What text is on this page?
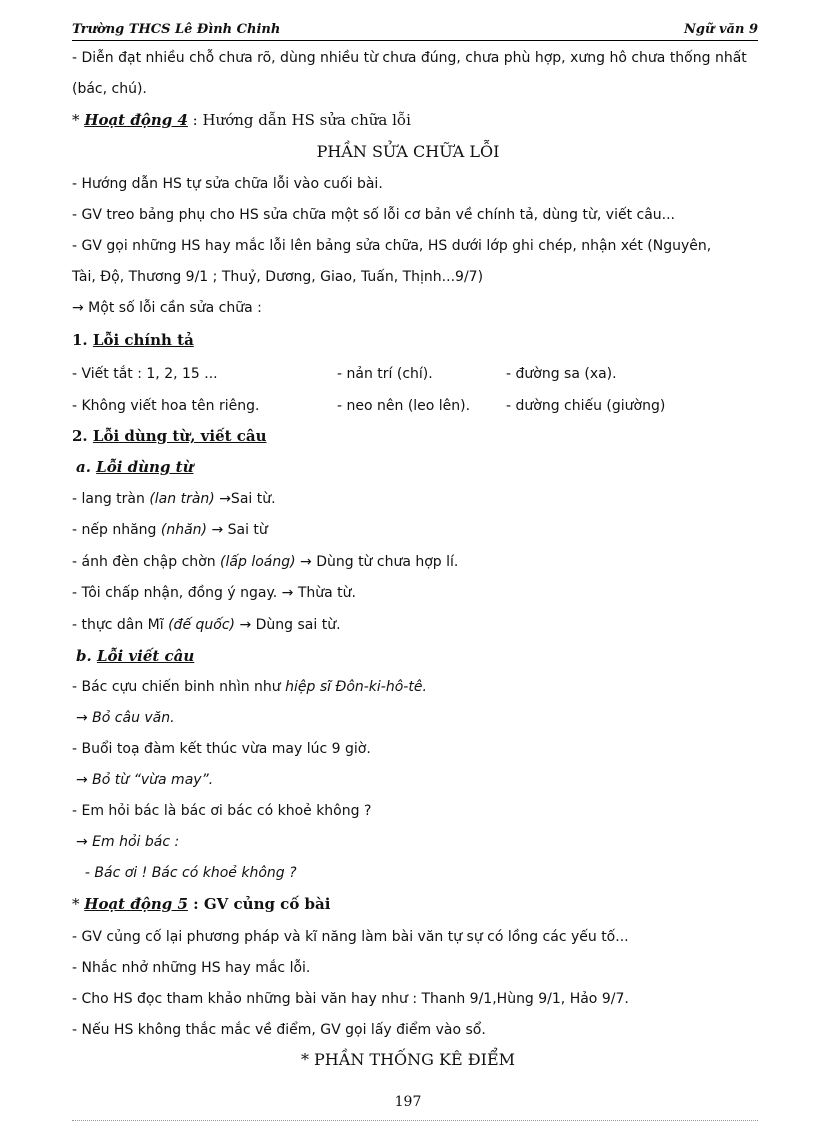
Trường THCS Lê Đình Chinh	Ngữ văn 9
- Diễn đạt nhiều chỗ chưa rõ, dùng nhiều từ chưa đúng, chưa phù hợp, xưng hô chưa thống nhất
(bác, chú).
* Hoạt động 4 : Hướng dẫn HS sửa chữa lỗi
PHẦN SỬA CHỮA LỖI
- Hướng dẫn HS tự sửa chữa lỗi vào cuối bài.
- GV treo bảng phụ cho HS sửa chữa một số lỗi cơ bản về chính tả, dùng từ, viết câu...
- GV gọi những HS hay mắc lỗi lên bảng sửa chữa, HS dưới lớp ghi chép, nhận xét (Nguyên,
Tài, Độ, Thương 9/1 ; Thuỷ, Dương, Giao, Tuấn, Thịnh...9/7)
→ Một số lỗi cần sửa chữa :
1. Lỗi chính tả
- Viết tắt : 1, 2, 15 ...	- nản trí (chí).	- đường sa (xa).
- Không viết hoa tên riêng.	- neo nên (leo lên).	- dường chiếu (giường)
2. Lỗi dùng từ, viết câu
a. Lỗi dùng từ
- lang tràn (lan tràn) →Sai từ.
- nếp nhăng (nhăn) → Sai từ
- ánh đèn chập chờn (lấp loáng) → Dùng từ chưa hợp lí.
- Tôi chấp nhận, đồng ý ngay. → Thừa từ.
- thực dân Mĩ (đế quốc) → Dùng sai từ.
b. Lỗi viết câu
- Bác cựu chiến binh nhìn như hiệp sĩ Đôn-ki-hô-tê.
→ Bỏ câu văn.
- Buổi toạ đàm kết thúc vừa may lúc 9 giờ.
→ Bỏ từ “vừa may”.
- Em hỏi bác là bác ơi bác có khoẻ không ?
→ Em hỏi bác :
- Bác ơi ! Bác có khoẻ không ?
* Hoạt động 5 : GV củng cố bài
- GV củng cố lại phương pháp và kĩ năng làm bài văn tự sự có lồng các yếu tố...
- Nhắc nhở những HS hay mắc lỗi.
- Cho HS đọc tham khảo những bài văn hay như : Thanh 9/1,Hùng 9/1, Hảo 9/7.
- Nếu HS không thắc mắc về điểm, GV gọi lấy điểm vào sổ.
* PHẦN THỐNG KÊ ĐIỂM
197
